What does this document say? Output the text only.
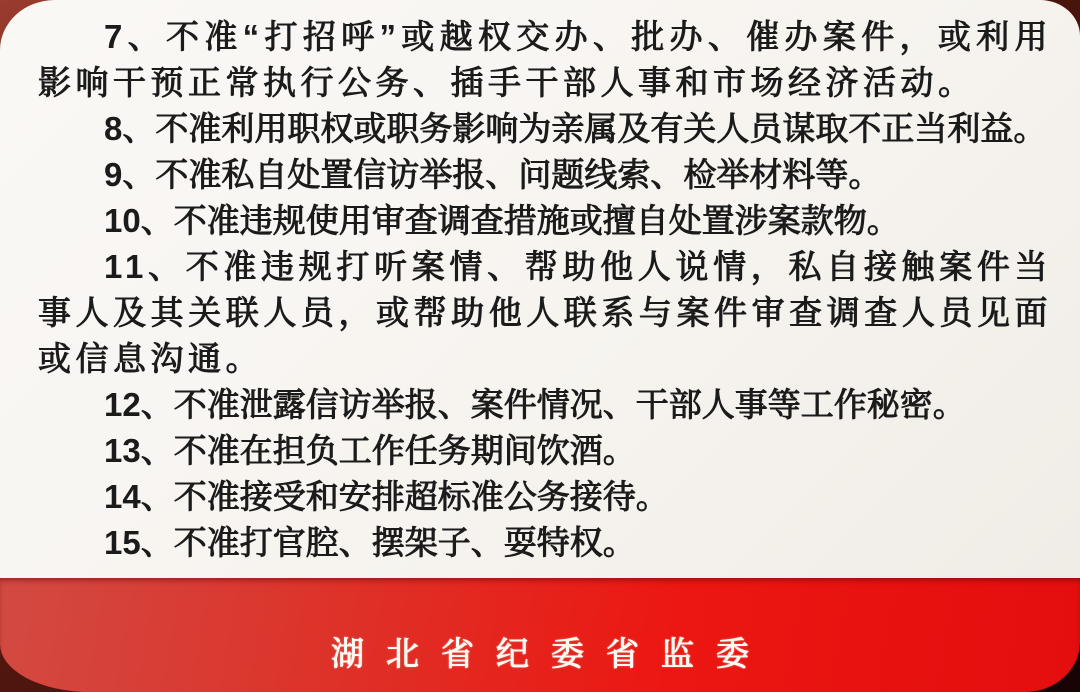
7、不准“打招呼”或越权交办、批办、催办案件，或利用影响干预正常执行公务、插手干部人事和市场经济活动。

8、不准利用职权或职务影响为亲属及有关人员谋取不正当利益。

9、不准私自处置信访举报、问题线索、检举材料等。

10、不准违规使用审查调查措施或擅自处置涉案款物。

11、不准违规打听案情、帮助他人说情，私自接触案件当事人及其关联人员，或帮助他人联系与案件审查调查人员见面或信息沟通。

12、不准泄露信访举报、案件情况、干部人事等工作秘密。

13、不准在担负工作任务期间饮酒。

14、不准接受和安排超标准公务接待。

15、不准打官腔、摆架子、耍特权。

湖北省纪委省监委
